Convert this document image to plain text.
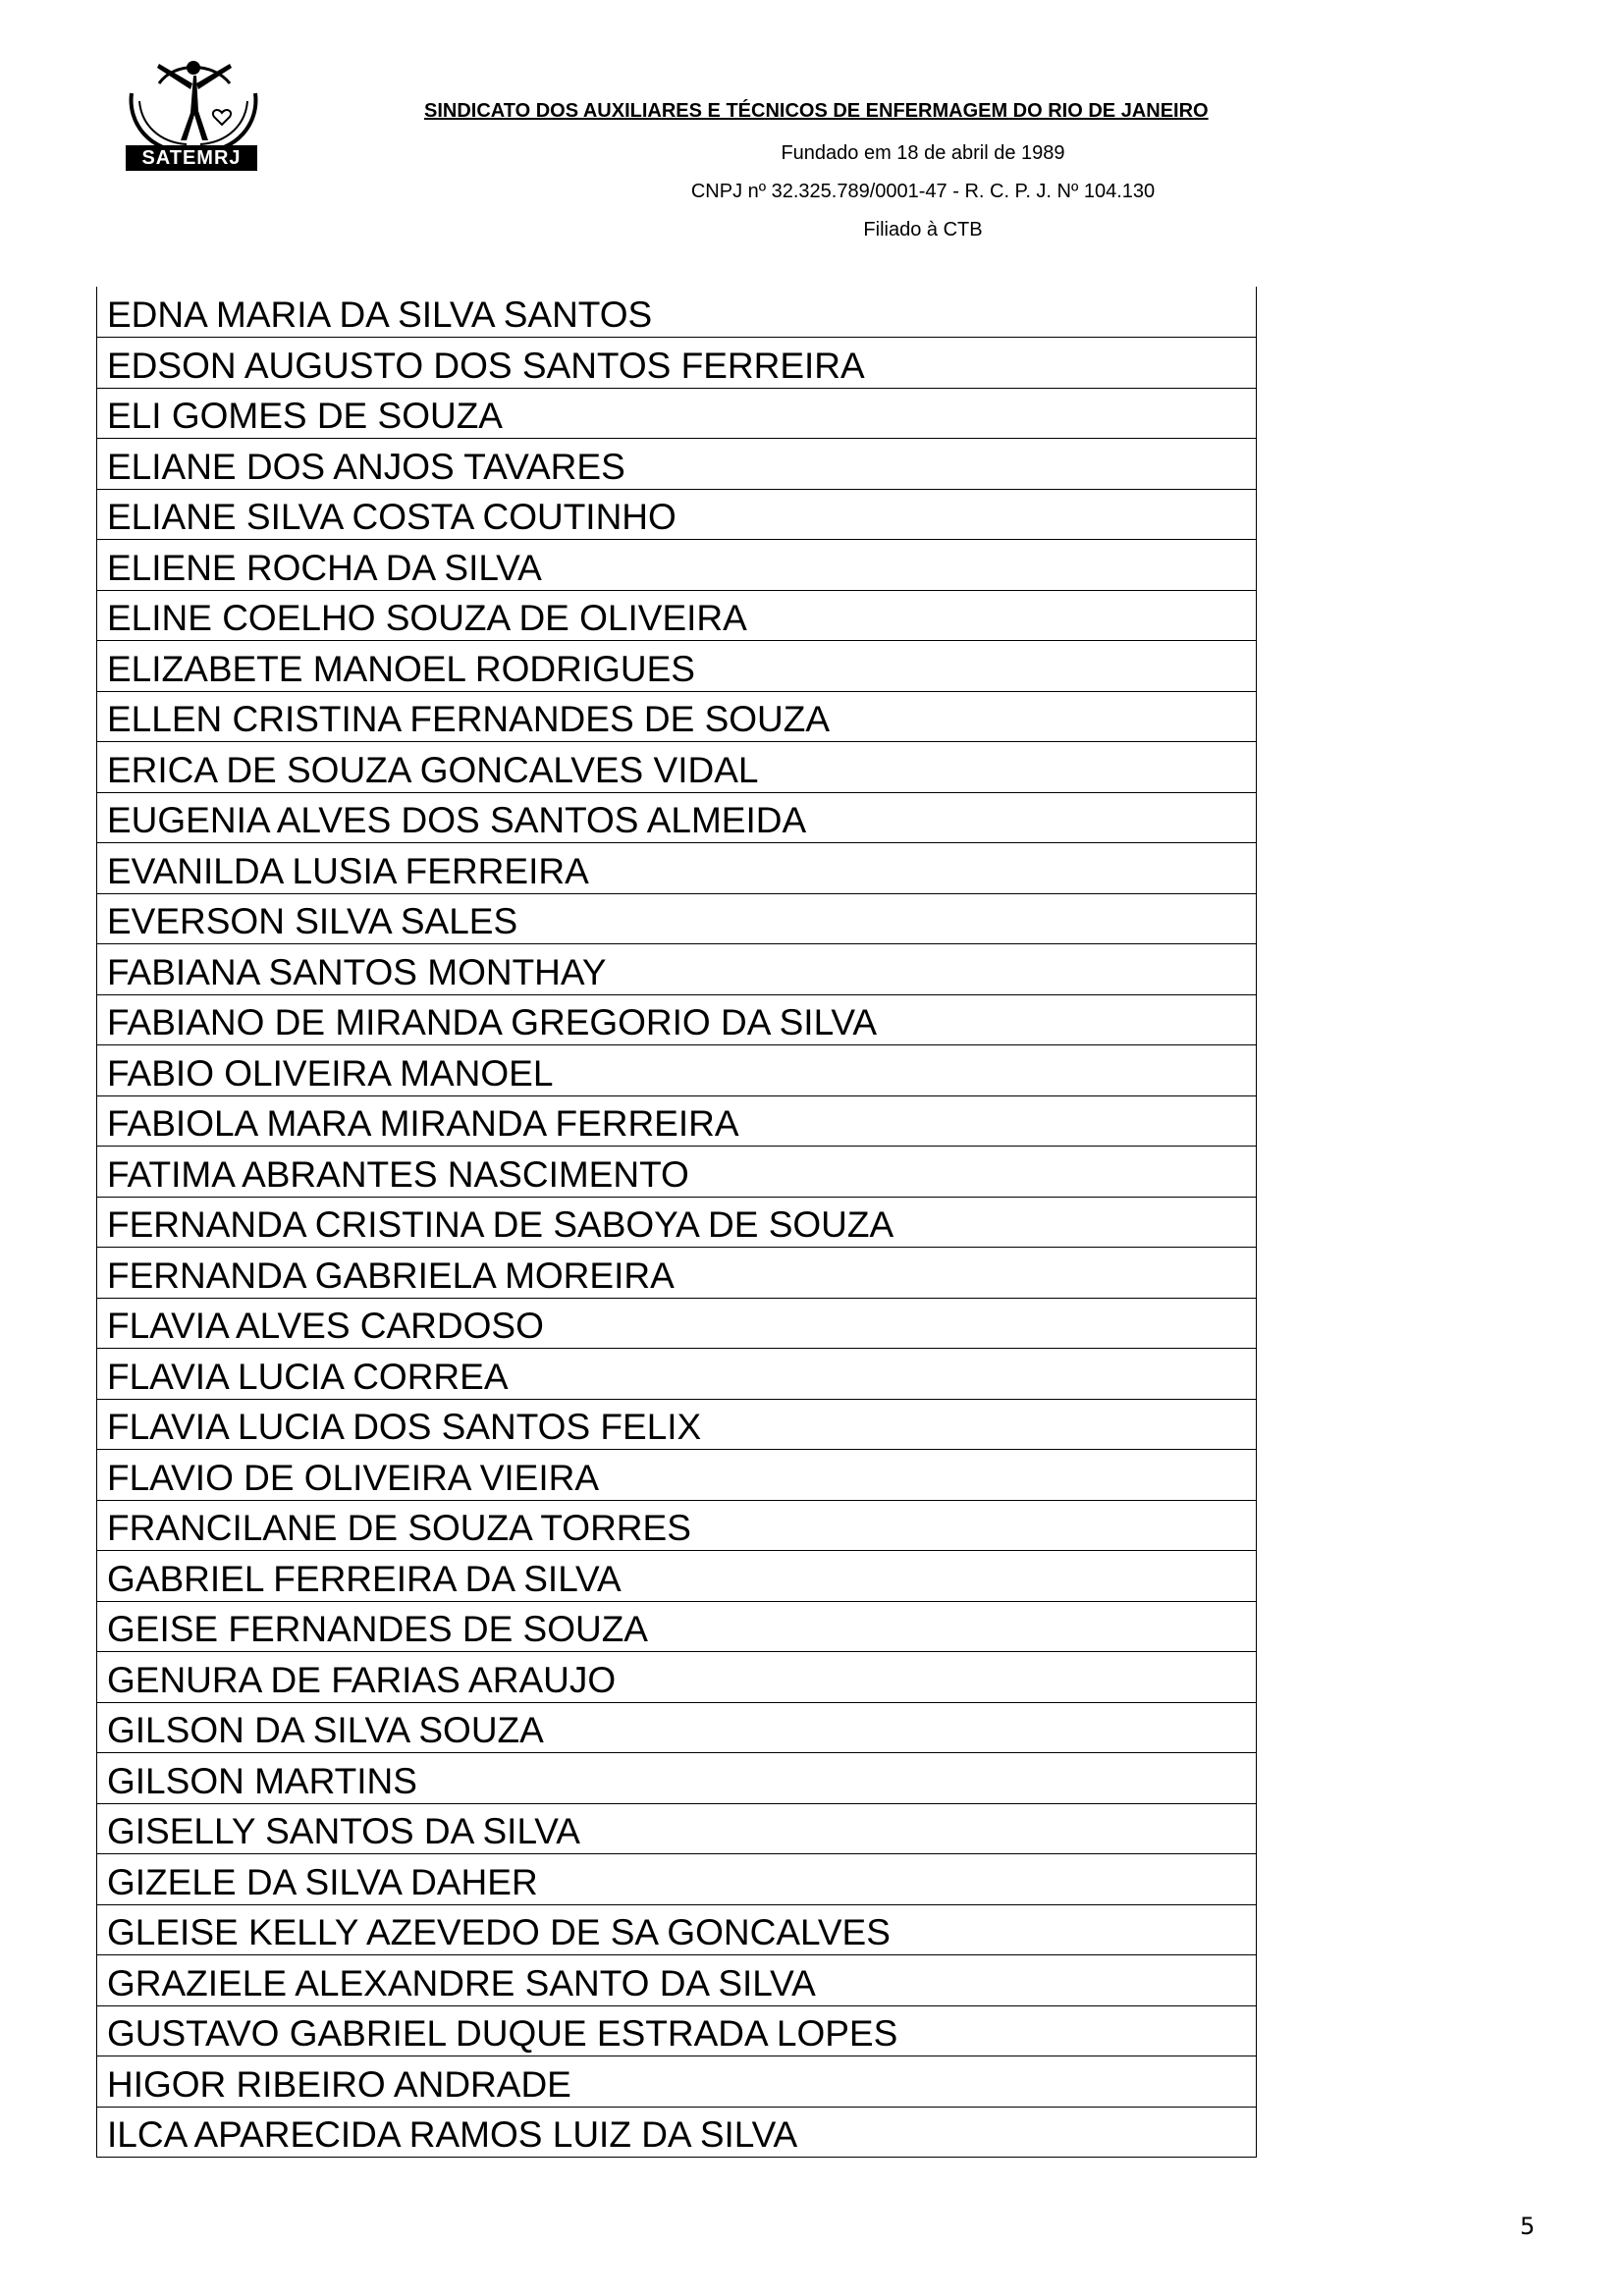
SATEMRJ
SINDICATO DOS AUXILIARES E TÉCNICOS DE ENFERMAGEM DO RIO DE JANEIRO
Fundado em 18 de abril de 1989
CNPJ nº 32.325.789/0001-47 - R. C. P. J. Nº 104.130
Filiado à CTB
EDNA MARIA DA SILVA SANTOS
EDSON AUGUSTO DOS SANTOS FERREIRA
ELI GOMES DE SOUZA
ELIANE DOS ANJOS TAVARES
ELIANE SILVA COSTA COUTINHO
ELIENE ROCHA DA SILVA
ELINE COELHO SOUZA DE OLIVEIRA
ELIZABETE MANOEL RODRIGUES
ELLEN CRISTINA FERNANDES DE SOUZA
ERICA DE SOUZA GONCALVES VIDAL
EUGENIA ALVES DOS SANTOS ALMEIDA
EVANILDA LUSIA FERREIRA
EVERSON SILVA SALES
FABIANA SANTOS MONTHAY
FABIANO DE MIRANDA GREGORIO DA SILVA
FABIO OLIVEIRA MANOEL
FABIOLA MARA MIRANDA FERREIRA
FATIMA ABRANTES NASCIMENTO
FERNANDA CRISTINA DE SABOYA DE SOUZA
FERNANDA GABRIELA MOREIRA
FLAVIA ALVES CARDOSO
FLAVIA LUCIA CORREA
FLAVIA LUCIA DOS SANTOS FELIX
FLAVIO DE OLIVEIRA VIEIRA
FRANCILANE DE SOUZA TORRES
GABRIEL FERREIRA DA SILVA
GEISE FERNANDES DE SOUZA
GENURA DE FARIAS ARAUJO
GILSON DA SILVA SOUZA
GILSON MARTINS
GISELLY SANTOS DA SILVA
GIZELE DA SILVA DAHER
GLEISE KELLY AZEVEDO DE SA GONCALVES
GRAZIELE ALEXANDRE SANTO DA SILVA
GUSTAVO GABRIEL DUQUE ESTRADA LOPES
HIGOR RIBEIRO ANDRADE
ILCA APARECIDA RAMOS LUIZ DA SILVA
5
